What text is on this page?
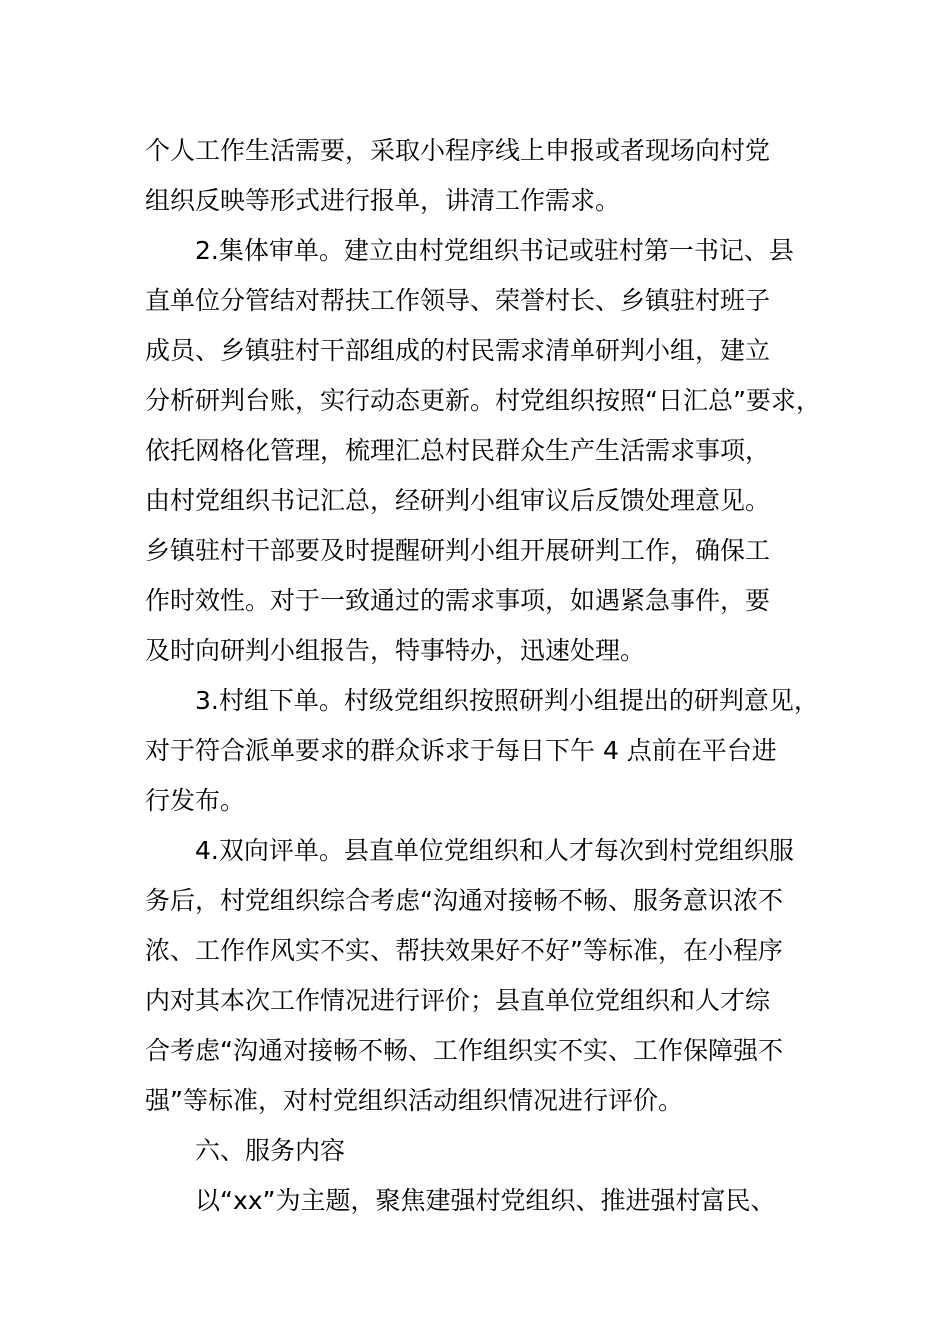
个人工作生活需要，采取小程序线上申报或者现场向村党
组织反映等形式进行报单，讲清工作需求。
2.集体审单。建立由村党组织书记或驻村第一书记、县
直单位分管结对帮扶工作领导、荣誉村长、乡镇驻村班子
成员、乡镇驻村干部组成的村民需求清单研判小组，建立
分析研判台账，实行动态更新。村党组织按照“日汇总”要求，
依托网格化管理，梳理汇总村民群众生产生活需求事项，
由村党组织书记汇总，经研判小组审议后反馈处理意见。
乡镇驻村干部要及时提醒研判小组开展研判工作，确保工
作时效性。对于一致通过的需求事项，如遇紧急事件，要
及时向研判小组报告，特事特办，迅速处理。
3.村组下单。村级党组织按照研判小组提出的研判意见，
对于符合派单要求的群众诉求于每日下午 4 点前在平台进
行发布。
4.双向评单。县直单位党组织和人才每次到村党组织服
务后，村党组织综合考虑“沟通对接畅不畅、服务意识浓不
浓、工作作风实不实、帮扶效果好不好”等标准，在小程序
内对其本次工作情况进行评价；县直单位党组织和人才综
合考虑“沟通对接畅不畅、工作组织实不实、工作保障强不
强”等标准，对村党组织活动组织情况进行评价。
六、服务内容
以“xx”为主题，聚焦建强村党组织、推进强村富民、
